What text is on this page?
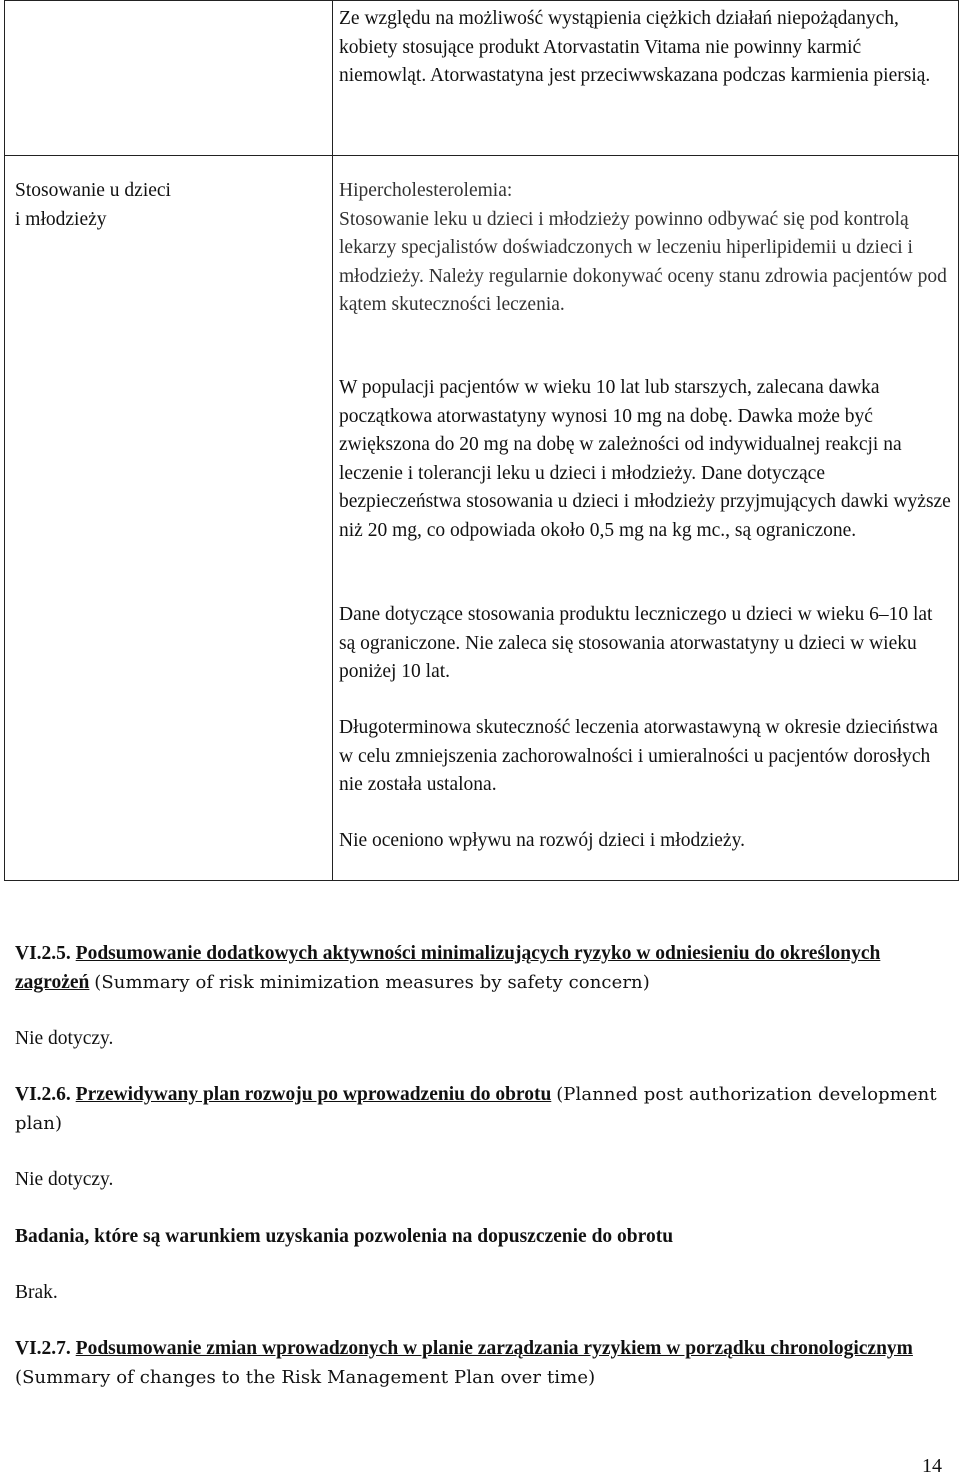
Ze względu na możliwość wystąpienia ciężkich działań niepożądanych, kobiety stosujące produkt Atorvastatin Vitama nie powinny karmić niemowląt. Atorwastatyna jest przeciwwskazana podczas karmienia piersią.

Stosowanie u dzieci
i młodzieży
Hipercholesterolemia:
Stosowanie leku u dzieci i młodzieży powinno odbywać się pod kontrolą lekarzy specjalistów doświadczonych w leczeniu hiperlipidemii u dzieci i młodzieży. Należy regularnie dokonywać oceny stanu zdrowia pacjentów pod kątem skuteczności leczenia.

W populacji pacjentów w wieku 10 lat lub starszych, zalecana dawka początkowa atorwastatyny wynosi 10 mg na dobę. Dawka może być zwiększona do 20 mg na dobę w zależności od indywidualnej reakcji na leczenie i tolerancji leku u dzieci i młodzieży. Dane dotyczące bezpieczeństwa stosowania u dzieci i młodzieży przyjmujących dawki wyższe niż 20 mg, co odpowiada około 0,5 mg na kg mc., są ograniczone.

Dane dotyczące stosowania produktu leczniczego u dzieci w wieku 6–10 lat są ograniczone. Nie zaleca się stosowania atorwastatyny u dzieci w wieku poniżej 10 lat.

Długoterminowa skuteczność leczenia atorwastawyną w okresie dzieciństwa w celu zmniejszenia zachorowalności i umieralności u pacjentów dorosłych nie została ustalona.

Nie oceniono wpływu na rozwój dzieci i młodzieży.

VI.2.5. Podsumowanie dodatkowych aktywności minimalizujących ryzyko w odniesieniu do określonych zagrożeń (Summary of risk minimization measures by safety concern)
Nie dotyczy.
VI.2.6. Przewidywany plan rozwoju po wprowadzeniu do obrotu (Planned post authorization development plan)
Nie dotyczy.
Badania, które są warunkiem uzyskania pozwolenia na dopuszczenie do obrotu
Brak.
VI.2.7. Podsumowanie zmian wprowadzonych w planie zarządzania ryzykiem w porządku chronologicznym (Summary of changes to the Risk Management Plan over time)
14
